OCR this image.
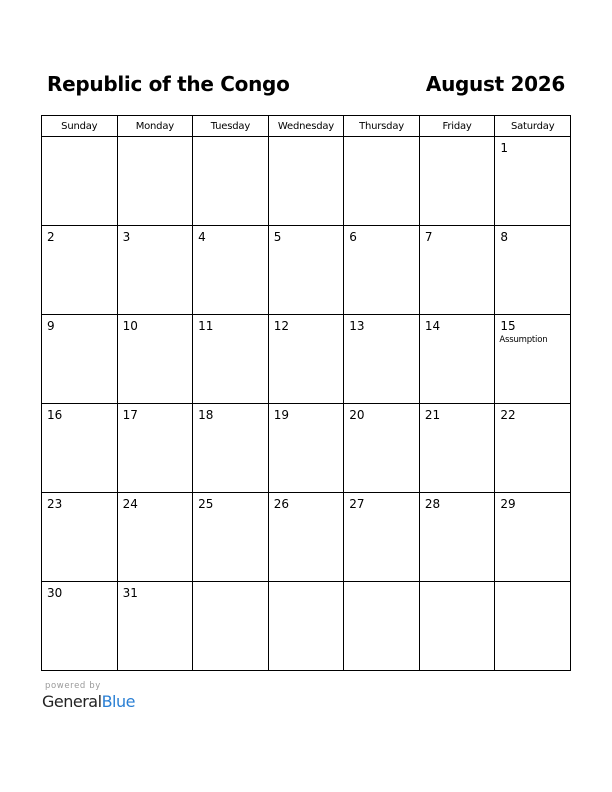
Republic of the Congo	August 2026
Sunday	Monday	Tuesday	Wednesday	Thursday	Friday	Saturday

						1

2	3	4	5	6	7	8

9	10	11	12	13	14	15
Assumption

16	17	18	19	20	21	22

23	24	25	26	27	28	29

30	31					

powered by
GeneralBlue
